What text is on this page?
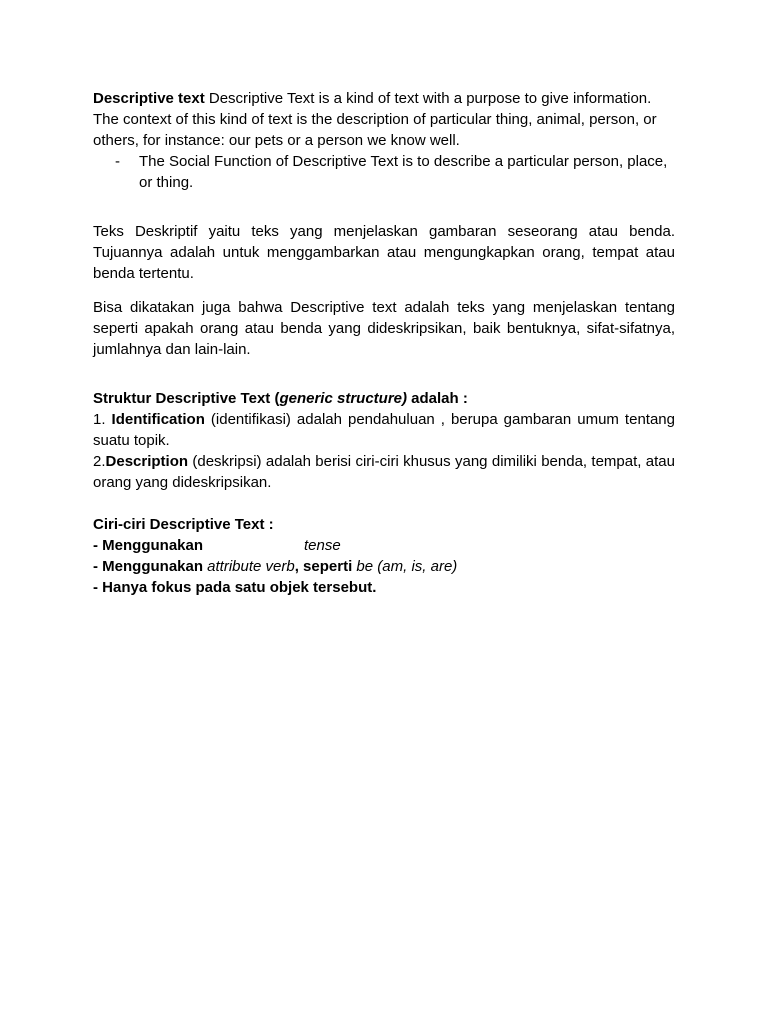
Descriptive text Descriptive Text is a kind of text with a purpose to give information. The context of this kind of text is the description of particular thing, animal, person, or others, for instance: our pets or a person we know well.

-	The Social Function of Descriptive Text is to describe a particular person, place, or thing.

Teks Deskriptif yaitu teks yang menjelaskan gambaran seseorang atau benda. Tujuannya adalah untuk menggambarkan atau mengungkapkan orang, tempat atau benda tertentu.

Bisa dikatakan juga bahwa Descriptive text adalah teks yang menjelaskan tentang seperti apakah orang atau benda yang dideskripsikan, baik bentuknya, sifat-sifatnya, jumlahnya dan lain-lain.

Struktur Descriptive Text (generic structure) adalah :

1. Identification (identifikasi) adalah pendahuluan , berupa gambaran umum tentang suatu topik.

2.Description (deskripsi) adalah berisi ciri-ciri khusus yang dimiliki benda, tempat, atau orang yang dideskripsikan.

Ciri-ciri Descriptive Text :

- Menggunakan	tense

- Menggunakan attribute verb, seperti be (am, is, are)

- Hanya fokus pada satu objek tersebut.
